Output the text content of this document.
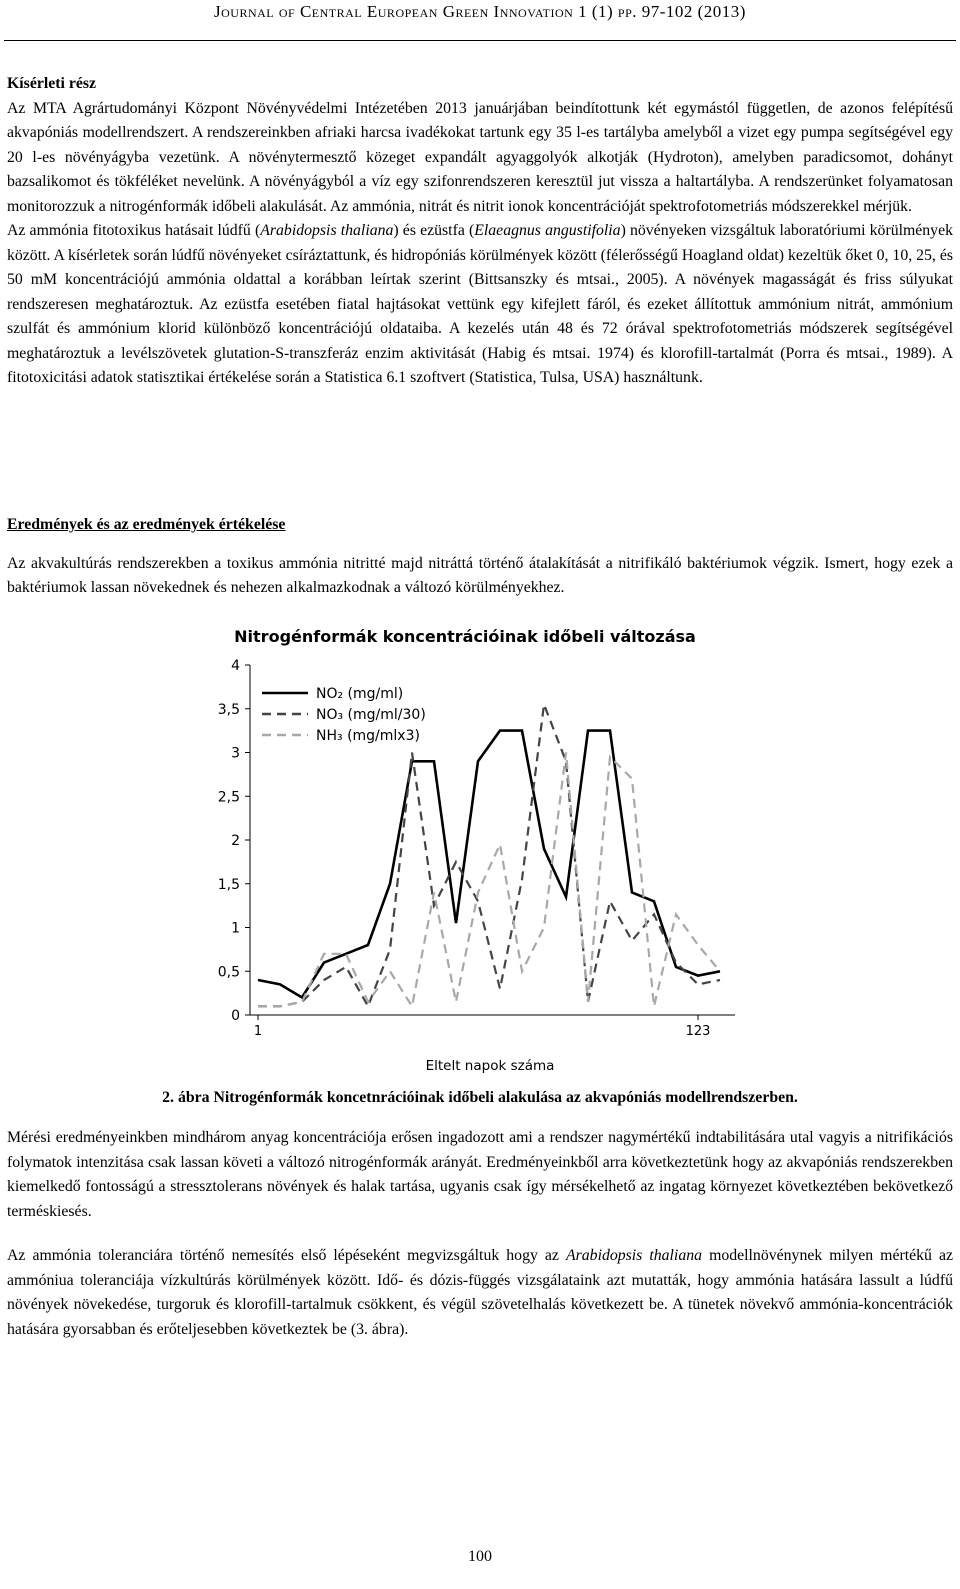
Journal of Central European Green Innovation 1 (1) pp. 97-102 (2013)
Kísérleti rész

Az MTA Agrártudományi Központ Növényvédelmi Intézetében 2013 januárjában beindítottunk két egymástól független, de azonos felépítésű akvapóniás modellrendszert. A rendszereinkben afriaki harcsa ivadékokat tartunk egy 35 l-es tartályba amelyből a vizet egy pumpa segítségével egy 20 l-es növényágyba vezetünk. A növénytermesztő közeget expandált agyaggolyók alkotják (Hydroton), amelyben paradicsomot, dohányt bazsalikomot és tökféléket nevelünk. A növényágyból a víz egy szifonrendszeren keresztül jut vissza a haltartályba. A rendszerünket folyamatosan monitorozzuk a nitrogénformák időbeli alakulását. Az ammónia, nitrát és nitrit ionok koncentrációját spektrofotometriás módszerekkel mérjük.

Az ammónia fitotoxikus hatásait lúdfű (Arabidopsis thaliana) és ezüstfa (Elaeagnus angustifolia) növényeken vizsgáltuk laboratóriumi körülmények között. A kísérletek során lúdfű növényeket csíráztattunk, és hidropóniás körülmények között (félerősségű Hoagland oldat) kezeltük őket 0, 10, 25, és 50 mM koncentrációjú ammónia oldattal a korábban leírtak szerint (Bittsanszky és mtsai., 2005). A növények magasságát és friss súlyukat rendszeresen meghatároztuk. Az ezüstfa esetében fiatal hajtásokat vettünk egy kifejlett fáról, és ezeket állítottuk ammónium nitrát, ammónium szulfát és ammónium klorid különböző koncentrációjú oldataiba. A kezelés után 48 és 72 órával spektrofotometriás módszerek segítségével meghatároztuk a levélszövetek glutation-S-transzferáz enzim aktivitását (Habig és mtsai. 1974) és klorofill-tartalmát (Porra és mtsai., 1989). A fitotoxicitási adatok statisztikai értékelése során a Statistica 6.1 szoftvert (Statistica, Tulsa, USA) használtunk.

Eredmények és az eredmények értékelése

Az akvakultúrás rendszerekben a toxikus ammónia nitritté majd nitráttá történő átalakítását a nitrifikáló baktériumok végzik. Ismert, hogy ezek a baktériumok lassan növekednek és nehezen alkalmazkodnak a változó körülményekhez.

Nitrogénformák koncentrációinak időbeli változása
0
0,5
1
1,5
2
2,5
3
3,5
4
1	123
NO₂ (mg/ml)
NO₃ (mg/ml/30)
NH₃ (mg/mlx3)
Eltelt napok száma
2. ábra Nitrogénformák koncetnrációinak időbeli alakulása az akvapóniás modellrendszerben.

Mérési eredményeinkben mindhárom anyag koncentrációja erősen ingadozott ami a rendszer nagymértékű indtabilitására utal vagyis a nitrifikációs folymatok intenzitása csak lassan követi a változó nitrogénformák arányát. Eredményeinkből arra következtetünk hogy az akvapóniás rendszerekben kiemelkedő fontosságú a stressztolerans növények és halak tartása, ugyanis csak így mérsékelhető az ingatag környezet következtében bekövetkező terméskiesés.

Az ammónia toleranciára történő nemesítés első lépéseként megvizsgáltuk hogy az Arabidopsis thaliana modellnövénynek milyen mértékű az ammóniua toleranciája vízkultúrás körülmények között. Idő- és dózis-függés vizsgálataink azt mutatták, hogy ammónia hatására lassult a lúdfű növények növekedése, turgoruk és klorofill-tartalmuk csökkent, és végül szövetelhalás következett be. A tünetek növekvő ammónia-koncentrációk hatására gyorsabban és erőteljesebben következtek be (3. ábra).

100
